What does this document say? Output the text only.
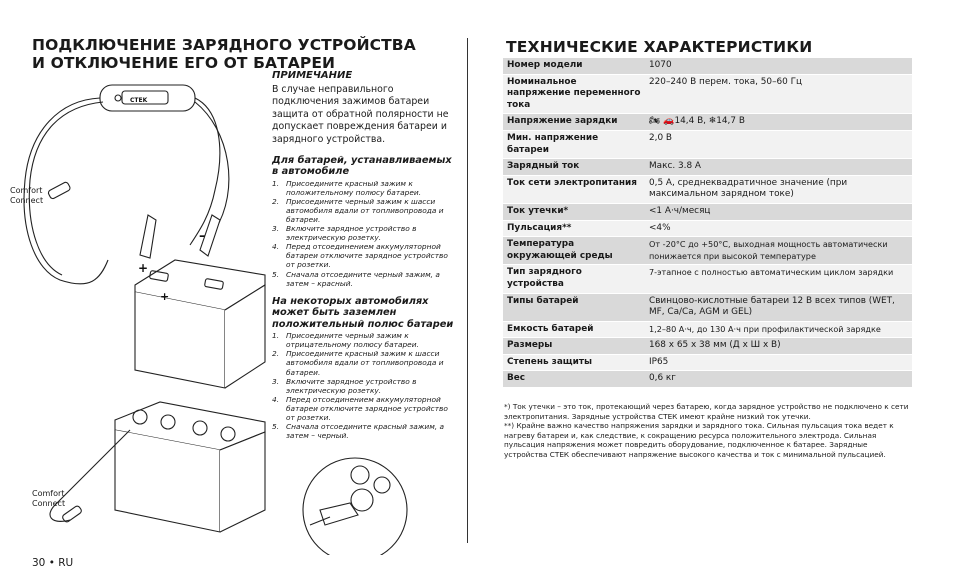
ПОДКЛЮЧЕНИЕ ЗАРЯДНОГО УСТРОЙСТВА И ОТКЛЮЧЕНИЕ ЕГО ОТ БАТАРЕИ
+
–
+
CTEK
Comfort Connect
Comfort Connect
ПРИМЕЧАНИЕ
В случае неправильного подключения зажимов батареи защита от обратной полярности не допускает повреждения батареи и зарядного устройства.
Для батарей, устанавливаемых в автомобиле
1. Присоедините красный зажим к положительному полюсу батареи.
2. Присоедините черный зажим к шасси автомобиля вдали от топливопровода и батареи.
3. Включите зарядное устройство в электрическую розетку.
4. Перед отсоединением аккумуляторной батареи отключите зарядное устройство от розетки.
5. Сначала отсоедините черный зажим, а затем – красный.
На некоторых автомобилях может быть заземлен положительный полюс батареи
1. Присоедините черный зажим к отрицательному полюсу батареи.
2. Присоедините красный зажим к шасси автомобиля вдали от топливопровода и батареи.
3. Включите зарядное устройство в электрическую розетку.
4. Перед отсоединением аккумуляторной батареи отключите зарядное устройство от розетки.
5. Сначала отсоедините красный зажим, а затем – черный.
ТЕХНИЧЕСКИЕ ХАРАКТЕРИСТИКИ
Номер модели	1070
Номинальное напряжение переменного тока	220–240 В перем. тока, 50–60 Гц
Напряжение зарядки	🏍 🚗14,4 В, ❄14,7 В
Мин. напряжение батареи	2,0 В
Зарядный ток	Макс. 3.8 А
Ток сети электропитания	0,5 А, среднеквадратичное значение (при максимальном зарядном токе)
Ток утечки*	<1 А·ч/месяц
Пульсация**	<4%
Температура окружающей среды	От -20°С до +50°С, выходная мощность автоматически понижается при высокой температуре
Тип зарядного устройства	7-этапное с полностью автоматическим циклом зарядки
Типы батарей	Свинцово-кислотные батареи 12 В всех типов (WET, MF, Ca/Ca, AGM и GEL)
Емкость батарей	1,2–80 А·ч, до 130 А·ч при профилактической зарядке
Размеры	168 х 65 х 38 мм (Д х Ш х В)
Степень защиты	IP65
Вес	0,6 кг

*) Ток утечки – это ток, протекающий через батарею, когда зарядное устройство не подключено к сети электропитания. Зарядные устройства СТЕК имеют крайне низкий ток утечки.

**) Крайне важно качество напряжения зарядки и зарядного тока. Сильная пульсация тока ведет к нагреву батареи и, как следствие, к сокращению ресурса положительного электрода. Сильная пульсация напряжения может повредить оборудование, подключенное к батарее. Зарядные устройства СТЕК обеспечивают напряжение высокого качества и ток с минимальной пульсацией.

30 • RU
